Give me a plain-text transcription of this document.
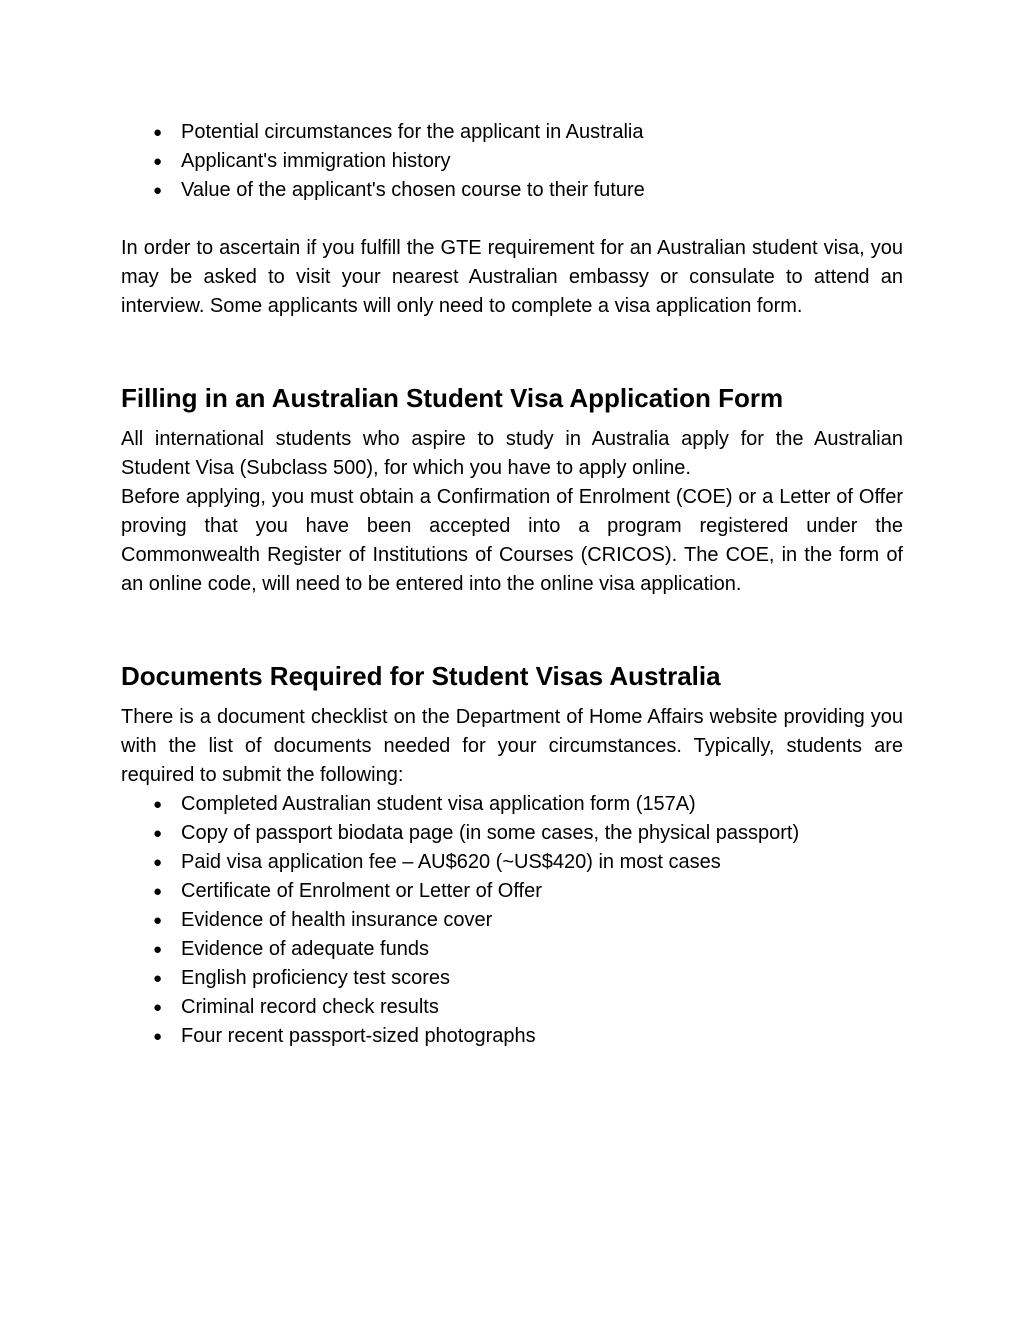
● Potential circumstances for the applicant in Australia
● Applicant's immigration history
● Value of the applicant's chosen course to their future

In order to ascertain if you fulfill the GTE requirement for an Australian student visa, you may be asked to visit your nearest Australian embassy or consulate to attend an interview. Some applicants will only need to complete a visa application form.

Filling in an Australian Student Visa Application Form

All international students who aspire to study in Australia apply for the Australian Student Visa (Subclass 500), for which you have to apply online.

Before applying, you must obtain a Confirmation of Enrolment (COE) or a Letter of Offer proving that you have been accepted into a program registered under the Commonwealth Register of Institutions of Courses (CRICOS). The COE, in the form of an online code, will need to be entered into the online visa application.

Documents Required for Student Visas Australia

There is a document checklist on the Department of Home Affairs website providing you with the list of documents needed for your circumstances. Typically, students are required to submit the following:

● Completed Australian student visa application form (157A)
● Copy of passport biodata page (in some cases, the physical passport)
● Paid visa application fee – AU$620 (~US$420) in most cases
● Certificate of Enrolment or Letter of Offer
● Evidence of health insurance cover
● Evidence of adequate funds
● English proficiency test scores
● Criminal record check results
● Four recent passport-sized photographs
